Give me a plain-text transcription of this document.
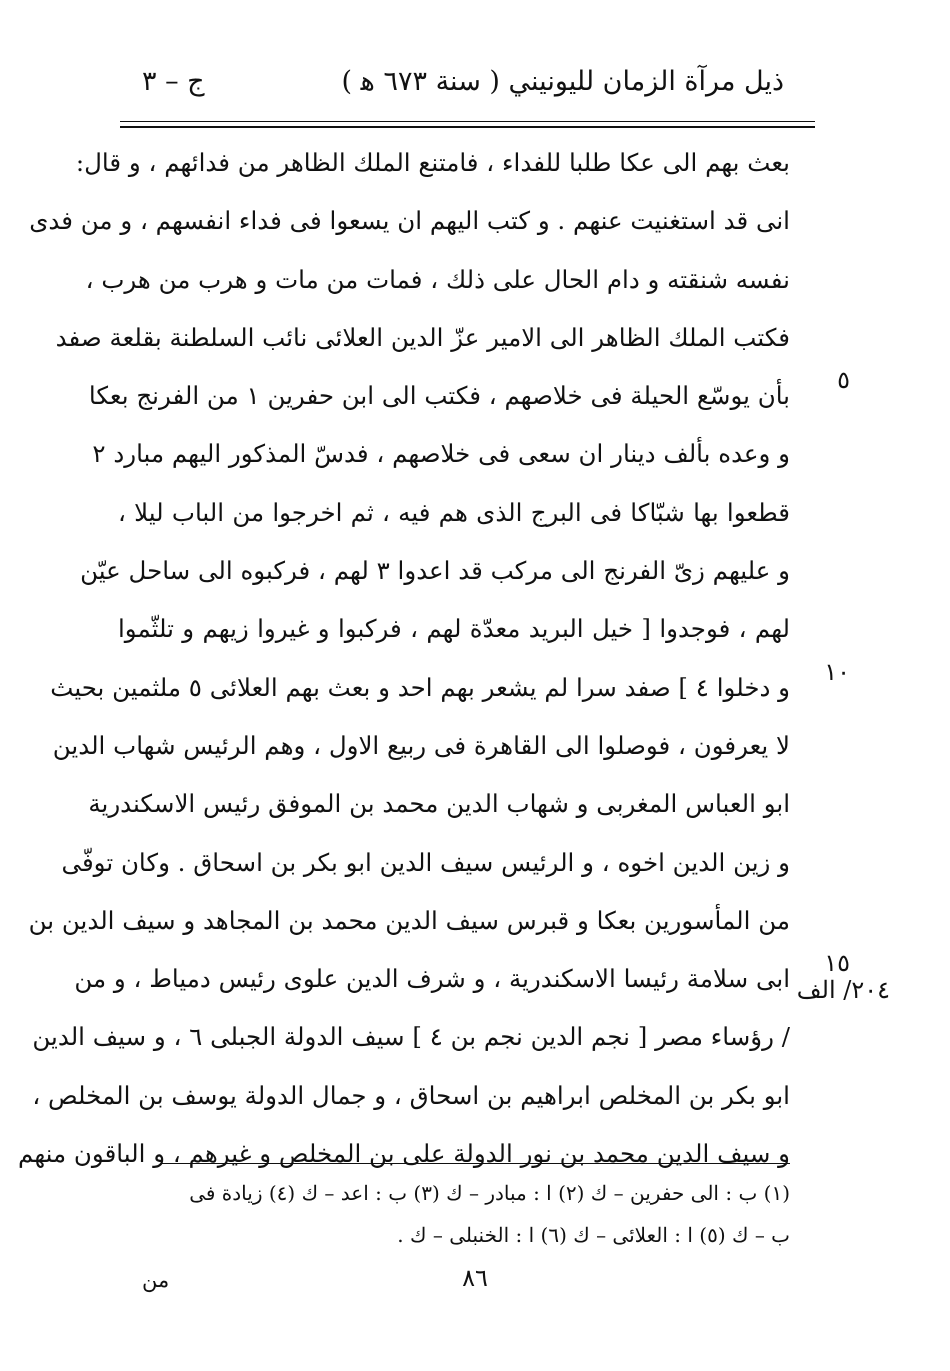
ذيل مرآة الزمان لليونيني ( سنة ٦٧٣ ﻫ )
ج – ٣
بعث بهم الى عكا طلبا للفداء ، فامتنع الملك الظاهر من فدائهم ، و قال:
انى قد استغنيت عنهم . و كتب اليهم ان يسعوا فى فداء انفسهم ، و من فدى
نفسه شنقته و دام الحال على ذلك ، فمات من مات و هرب من هرب ،
فكتب الملك الظاهر الى الامير عزّ الدين العلائى نائب السلطنة بقلعة صفد
بأن يوسّع الحيلة فى خلاصهم ، فكتب الى ابن حفرين ١ من الفرنج بعكا
و وعده بألف دينار ان سعى فى خلاصهم ، فدسّ المذكور اليهم مبارد ٢
قطعوا بها شبّاكا فى البرج الذى هم فيه ، ثم اخرجوا من الباب ليلا ،
و عليهم زىّ الفرنج الى مركب قد اعدوا ٣ لهم ، فركبوه الى ساحل عيّن
لهم ، فوجدوا [ خيل البريد معدّة لهم ، فركبوا و غيروا زيهم و تلثّموا
و دخلوا ٤ ] صفد سرا لم يشعر بهم احد و بعث بهم العلائى ٥ ملثمين بحيث
لا يعرفون ، فوصلوا الى القاهرة فى ربيع الاول ، وهم الرئيس شهاب الدين
ابو العباس المغربى و شهاب الدين محمد بن الموفق رئيس الاسكندرية
و زين الدين اخوه ، و الرئيس سيف الدين ابو بكر بن اسحاق . وكان توفّى
من المأسورين بعكا و قبرس سيف الدين محمد بن المجاهد و سيف الدين بن
ابى سلامة رئيسا الاسكندرية ، و شرف الدين علوى رئيس دمياط ، و من
/ رؤساء مصر [ نجم الدين نجم بن ٤ ] سيف الدولة الجبلى ٦ ، و سيف الدين
ابو بكر بن المخلص ابراهيم بن اسحاق ، و جمال الدولة يوسف بن المخلص ،
و سيف الدين محمد بن نور الدولة على بن المخلص و غيرهم ، و الباقون منهم
٥
١٠
١٥
٢٠٤/ الف
(١) ب : الى حفرين – ك (٢) ا : مبادر – ك (٣) ب : اعد – ك (٤) زيادة فى
ب – ك (٥) ا : العلائى – ك (٦) ا : الخنبلى – ك .
من	٨٦
